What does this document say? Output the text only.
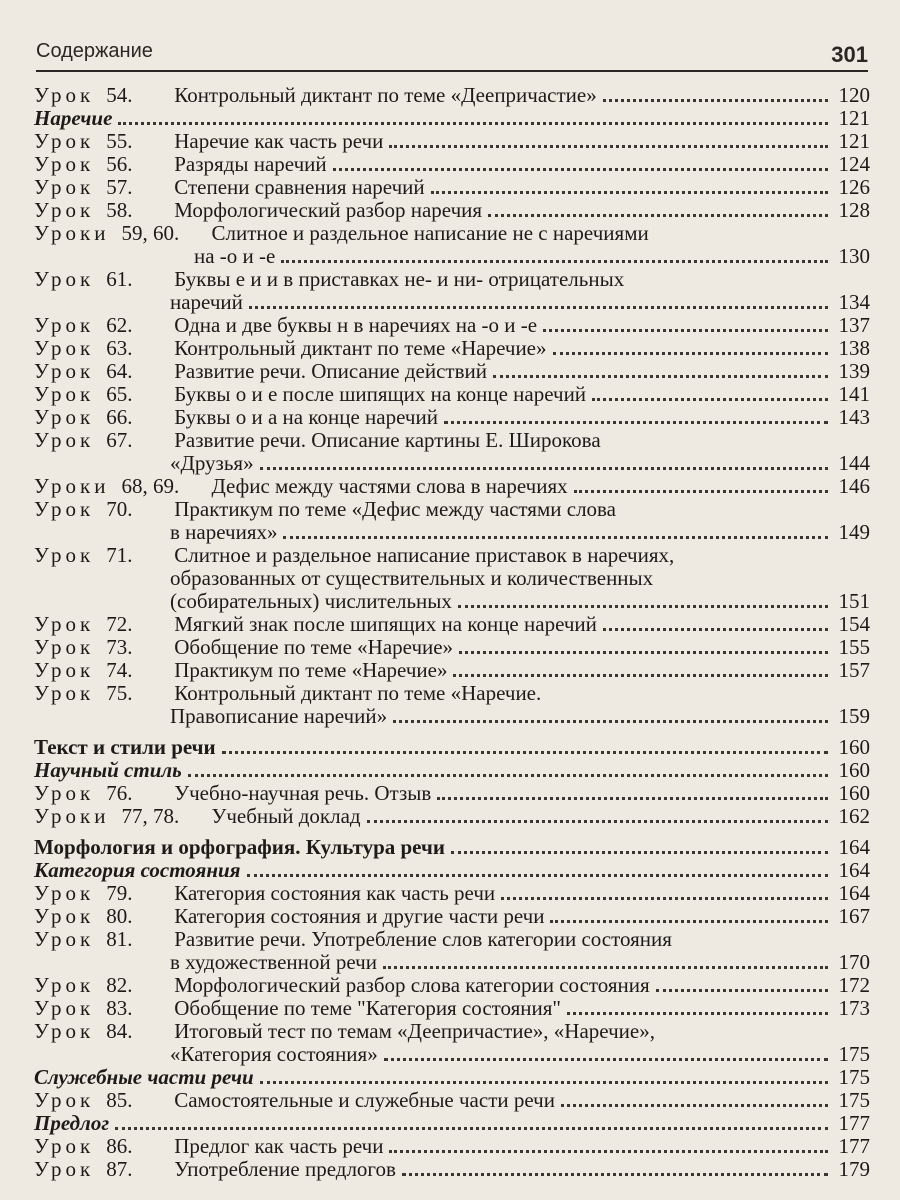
Содержание	301
Урок 54.	Контрольный диктант по теме «Деепричастие»	120
Наречие	121
Урок 55.	Наречие как часть речи	121
Урок 56.	Разряды наречий	124
Урок 57.	Степени сравнения наречий	126
Урок 58.	Морфологический разбор наречия	128
Уроки 59, 60.	Слитное и раздельное написание не с наречиями
на -о и -е	130
Урок 61.	Буквы е и и в приставках не- и ни- отрицательных
наречий	134
Урок 62.	Одна и две буквы н в наречиях на -о и -е	137
Урок 63.	Контрольный диктант по теме «Наречие»	138
Урок 64.	Развитие речи. Описание действий	139
Урок 65.	Буквы о и е после шипящих на конце наречий	141
Урок 66.	Буквы о и а на конце наречий	143
Урок 67.	Развитие речи. Описание картины Е. Широкова
«Друзья»	144
Уроки 68, 69.	Дефис между частями слова в наречиях	146
Урок 70.	Практикум по теме «Дефис между частями слова
в наречиях»	149
Урок 71.	Слитное и раздельное написание приставок в наречиях,
образованных от существительных и количественных
(собирательных) числительных	151
Урок 72.	Мягкий знак после шипящих на конце наречий	154
Урок 73.	Обобщение по теме «Наречие»	155
Урок 74.	Практикум по теме «Наречие»	157
Урок 75.	Контрольный диктант по теме «Наречие.
Правописание наречий»	159
Текст и стили речи	160
Научный стиль	160
Урок 76.	Учебно-научная речь. Отзыв	160
Уроки 77, 78.	Учебный доклад	162
Морфология и орфография. Культура речи	164
Категория состояния	164
Урок 79.	Категория состояния как часть речи	164
Урок 80.	Категория состояния и другие части речи	167
Урок 81.	Развитие речи. Употребление слов категории состояния
в художественной речи	170
Урок 82.	Морфологический разбор слова категории состояния	172
Урок 83.	Обобщение по теме "Категория состояния"	173
Урок 84.	Итоговый тест по темам «Деепричастие», «Наречие»,
«Категория состояния»	175
Служебные части речи	175
Урок 85.	Самостоятельные и служебные части речи	175
Предлог	177
Урок 86.	Предлог как часть речи	177
Урок 87.	Употребление предлогов	179
